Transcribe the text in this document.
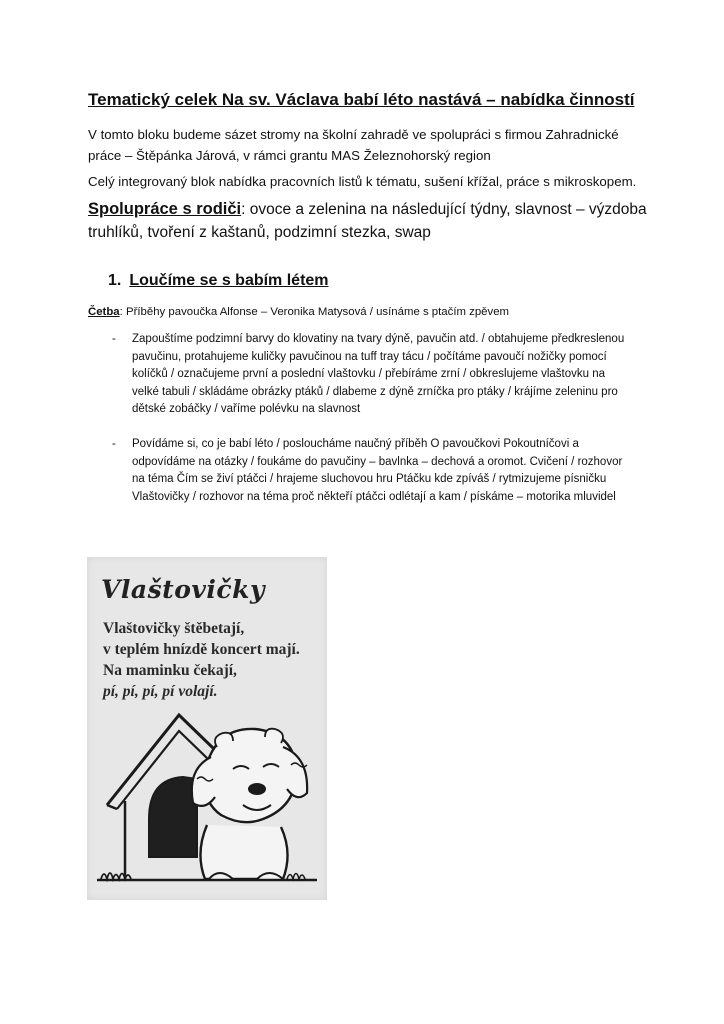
Tematický celek Na sv. Václava babí léto nastává – nabídka činností
V tomto bloku budeme sázet stromy na školní zahradě ve spolupráci s firmou Zahradnické práce – Štěpánka Járová, v rámci grantu MAS Železnohorský region
Celý integrovaný blok nabídka pracovních listů k tématu, sušení křížal, práce s mikroskopem.
Spolupráce s rodiči: ovoce a zelenina na následující týdny, slavnost – výzdoba truhlíků, tvoření z kaštanů, podzimní stezka, swap
1. Loučíme se s babím létem
Četba: Příběhy pavoučka Alfonse – Veronika Matysová / usínáme s ptačím zpěvem
- Zapouštíme podzimní barvy do klovatiny na tvary dýně, pavučin atd. / obtahujeme předkreslenou pavučinu, protahujeme kuličky pavučinou na tuff tray tácu / počítáme pavoučí nožičky pomocí kolíčků / označujeme první a poslední vlaštovku / přebíráme zrní / obkreslujeme vlaštovku na velké tabuli / skládáme obrázky ptáků / dlabeme z dýně zrníčka pro ptáky / krájíme zeleninu pro dětské zobáčky / vaříme polévku na slavnost
- Povídáme si, co je babí léto / posloucháme naučný příběh O pavoučkovi Pokoutníčovi a odpovídáme na otázky / foukáme do pavučiny – bavlnka – dechová a oromot. Cvičení / rozhovor na téma Čím se živí ptáčci / hrajeme sluchovou hru Ptáčku kde zpíváš / rytmizujeme písničku Vlaštovičky / rozhovor na téma proč někteří ptáčci odlétají a kam / pískáme – motorika mluvidel
Vlaštovičky
Vlaštovičky štěbetají,
v teplém hnízdě koncert mají.
Na maminku čekají,
pí, pí, pí, pí volají.
